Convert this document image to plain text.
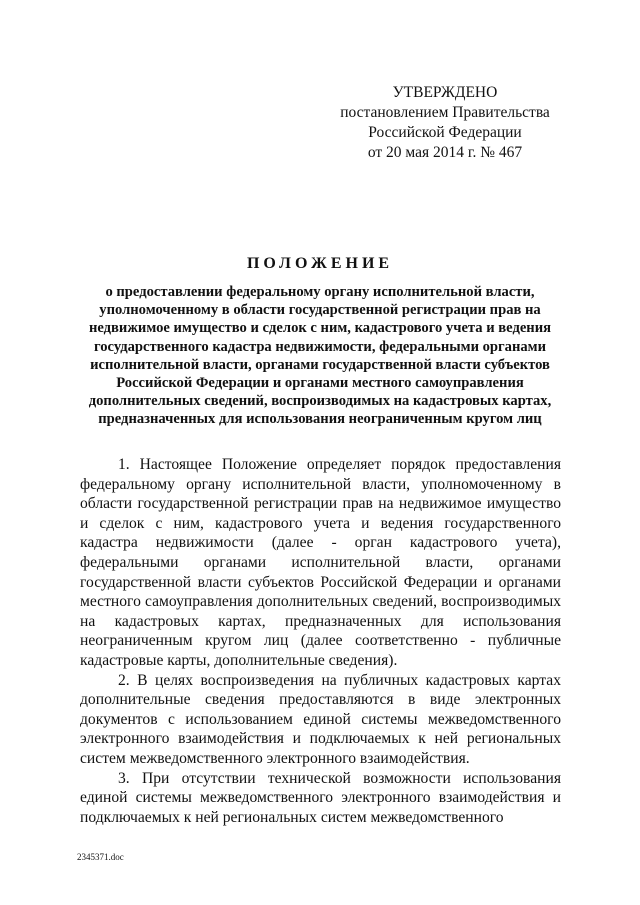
УТВЕРЖДЕНО
постановлением Правительства
Российской Федерации
от 20 мая 2014 г. № 467
ПОЛОЖЕНИЕ
о предоставлении федеральному органу исполнительной власти, уполномоченному в области государственной регистрации прав на недвижимое имущество и сделок с ним, кадастрового учета и ведения государственного кадастра недвижимости, федеральными органами исполнительной власти, органами государственной власти субъектов Российской Федерации и органами местного самоуправления дополнительных сведений, воспроизводимых на кадастровых картах, предназначенных для использования неограниченным кругом лиц

1. Настоящее Положение определяет порядок предоставления федеральному органу исполнительной власти, уполномоченному в области государственной регистрации прав на недвижимое имущество и сделок с ним, кадастрового учета и ведения государственного кадастра недвижимости (далее - орган кадастрового учета), федеральными органами исполнительной власти, органами государственной власти субъектов Российской Федерации и органами местного самоуправления дополнительных сведений, воспроизводимых на кадастровых картах, предназначенных для использования неограниченным кругом лиц (далее соответственно - публичные кадастровые карты, дополнительные сведения).

2. В целях воспроизведения на публичных кадастровых картах дополнительные сведения предоставляются в виде электронных документов с использованием единой системы межведомственного электронного взаимодействия и подключаемых к ней региональных систем межведомственного электронного взаимодействия.

3. При отсутствии технической возможности использования единой системы межведомственного электронного взаимодействия и подключаемых к ней региональных систем межведомственного

2345371.doc
